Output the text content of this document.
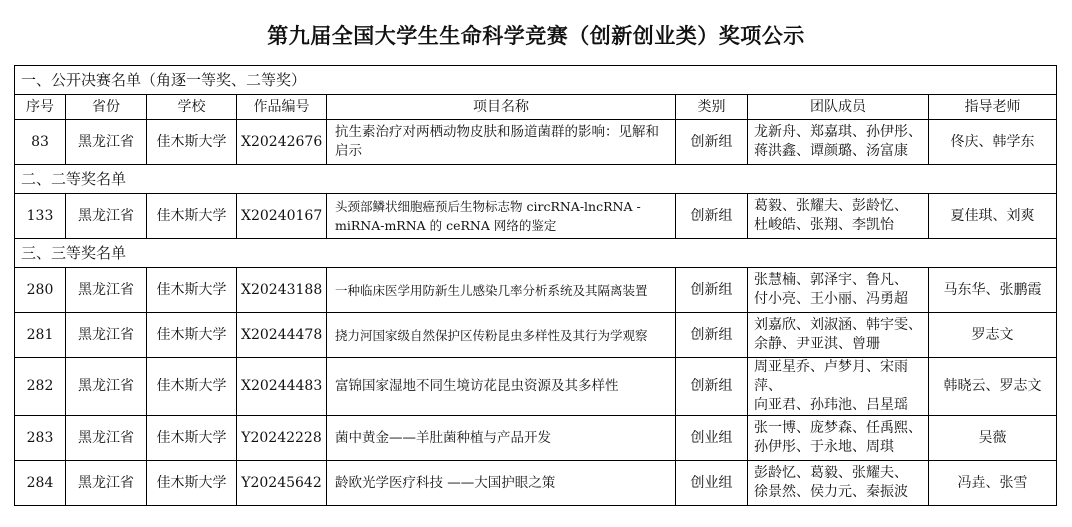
第九届全国大学生生命科学竞赛（创新创业类）奖项公示
一、公开决赛名单（角逐一等奖、二等奖）							
序号	省份	学校	作品编号	项目名称	类别	团队成员	指导老师
83	黑龙江省	佳木斯大学	X20242676	抗生素治疗对两栖动物皮肤和肠道菌群的影响：见解和启示	创新组	龙新舟、郑嘉琪、孙伊彤、
蒋洪鑫、谭颜璐、汤富康	佟庆、韩学东
二、二等奖名单							
133	黑龙江省	佳木斯大学	X20240167	头颈部鳞状细胞癌预后生物标志物 circRNA-lncRNA -miRNA-mRNA 的 ceRNA 网络的鉴定	创新组	葛毅、张耀夫、彭龄忆、
杜峻皓、张翔、李凯怡	夏佳琪、刘爽
三、三等奖名单							
280	黑龙江省	佳木斯大学	X20243188	一种临床医学用防新生儿感染几率分析系统及其隔离装置	创新组	张慧楠、郭泽宇、鲁凡、
付小亮、王小丽、冯勇超	马东华、张鹏霞
281	黑龙江省	佳木斯大学	X20244478	挠力河国家级自然保护区传粉昆虫多样性及其行为学观察	创新组	刘嘉欣、刘淑涵、韩宇雯、
余静、尹亚淇、曾珊	罗志文
282	黑龙江省	佳木斯大学	X20244483	富锦国家湿地不同生境访花昆虫资源及其多样性	创新组	周亚星乔、卢梦月、宋雨萍、
向亚君、孙玮池、吕星瑶	韩晓云、罗志文
283	黑龙江省	佳木斯大学	Y20242228	菌中黄金——羊肚菌种植与产品开发	创业组	张一博、庞梦森、任禹熙、
孙伊彤、于永地、周琪	吴薇
284	黑龙江省	佳木斯大学	Y20245642	龄欧光学医疗科技 ——大国护眼之策	创业组	彭龄忆、葛毅、张耀夫、
徐景然、侯力元、秦振波	冯垚、张雪
